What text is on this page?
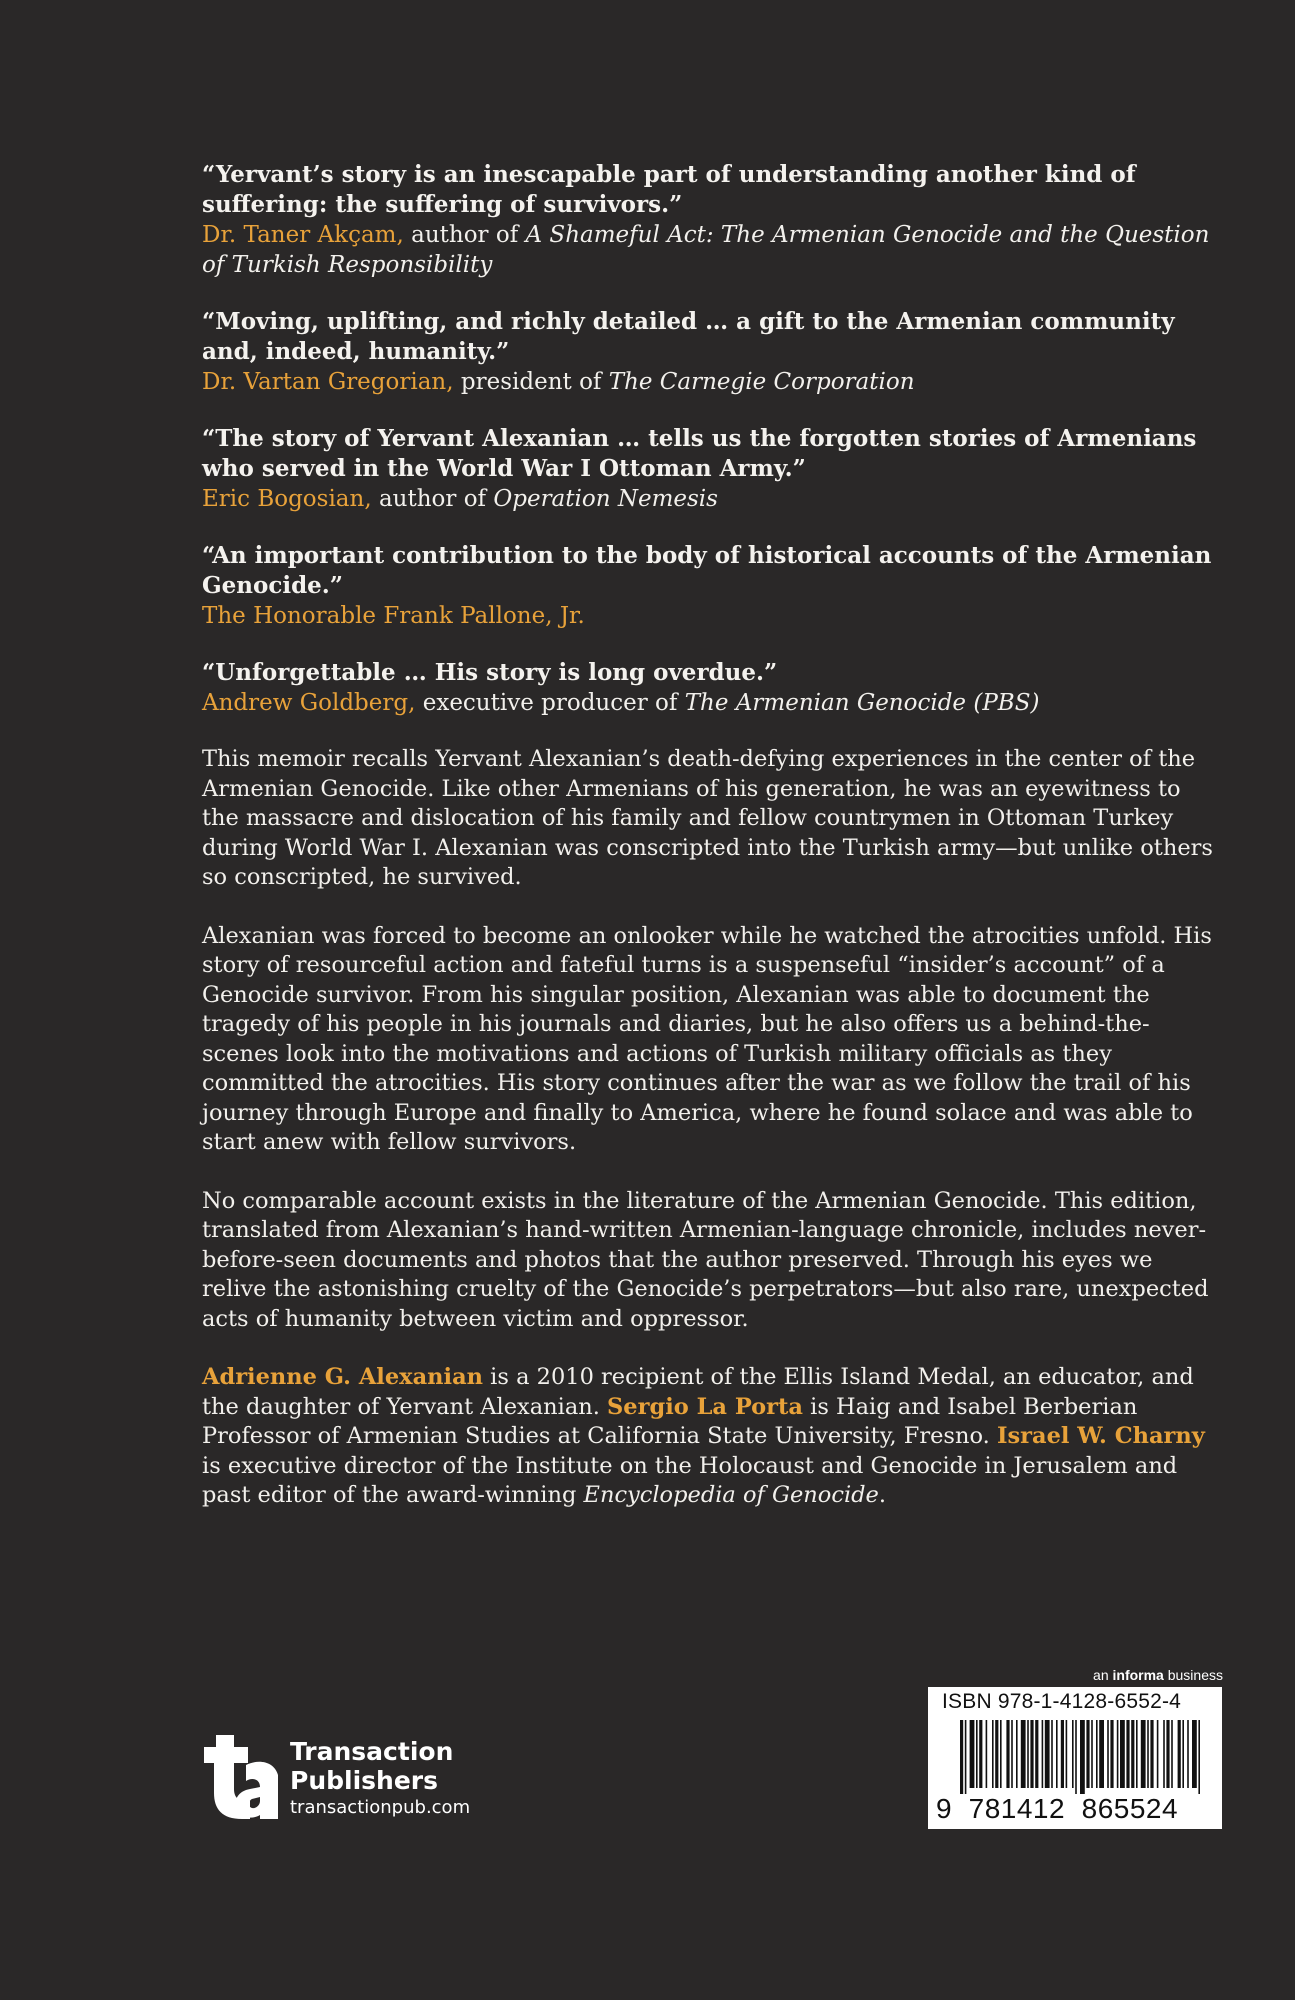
“Yervant’s story is an inescapable part of understanding another kind of suffering: the suffering of survivors.”
Dr. Taner Akçam, author of A Shameful Act: The Armenian Genocide and the Question of Turkish Responsibility
“Moving, uplifting, and richly detailed … a gift to the Armenian community and, indeed, humanity.”
Dr. Vartan Gregorian, president of The Carnegie Corporation
“The story of Yervant Alexanian … tells us the forgotten stories of Armenians who served in the World War I Ottoman Army.”
Eric Bogosian, author of Operation Nemesis
“An important contribution to the body of historical accounts of the Armenian Genocide.”
The Honorable Frank Pallone, Jr.
“Unforgettable … His story is long overdue.”
Andrew Goldberg, executive producer of The Armenian Genocide (PBS)

This memoir recalls Yervant Alexanian’s death-defying experiences in the center of the Armenian Genocide. Like other Armenians of his generation, he was an eyewitness to the massacre and dislocation of his family and fellow countrymen in Ottoman Turkey during World War I. Alexanian was conscripted into the Turkish army—but unlike others so conscripted, he survived.

Alexanian was forced to become an onlooker while he watched the atrocities unfold. His story of resourceful action and fateful turns is a suspenseful “insider’s account” of a Genocide survivor. From his singular position, Alexanian was able to document the tragedy of his people in his journals and diaries, but he also offers us a behind-the-scenes look into the motivations and actions of Turkish military officials as they committed the atrocities. His story continues after the war as we follow the trail of his journey through Europe and finally to America, where he found solace and was able to start anew with fellow survivors.

No comparable account exists in the literature of the Armenian Genocide. This edition, translated from Alexanian’s hand-written Armenian-language chronicle, includes never-before-seen documents and photos that the author preserved. Through his eyes we relive the astonishing cruelty of the Genocide’s perpetrators—but also rare, unexpected acts of humanity between victim and oppressor.

Adrienne G. Alexanian is a 2010 recipient of the Ellis Island Medal, an educator, and the daughter of Yervant Alexanian. Sergio La Porta is Haig and Isabel Berberian Professor of Armenian Studies at California State University, Fresno. Israel W. Charny is executive director of the Institute on the Holocaust and Genocide in Jerusalem and past editor of the award-winning Encyclopedia of Genocide.

Transaction
Publishers
transactionpub.com
an informa business
ISBN 978-1-4128-6552-4
9  781412  865524
